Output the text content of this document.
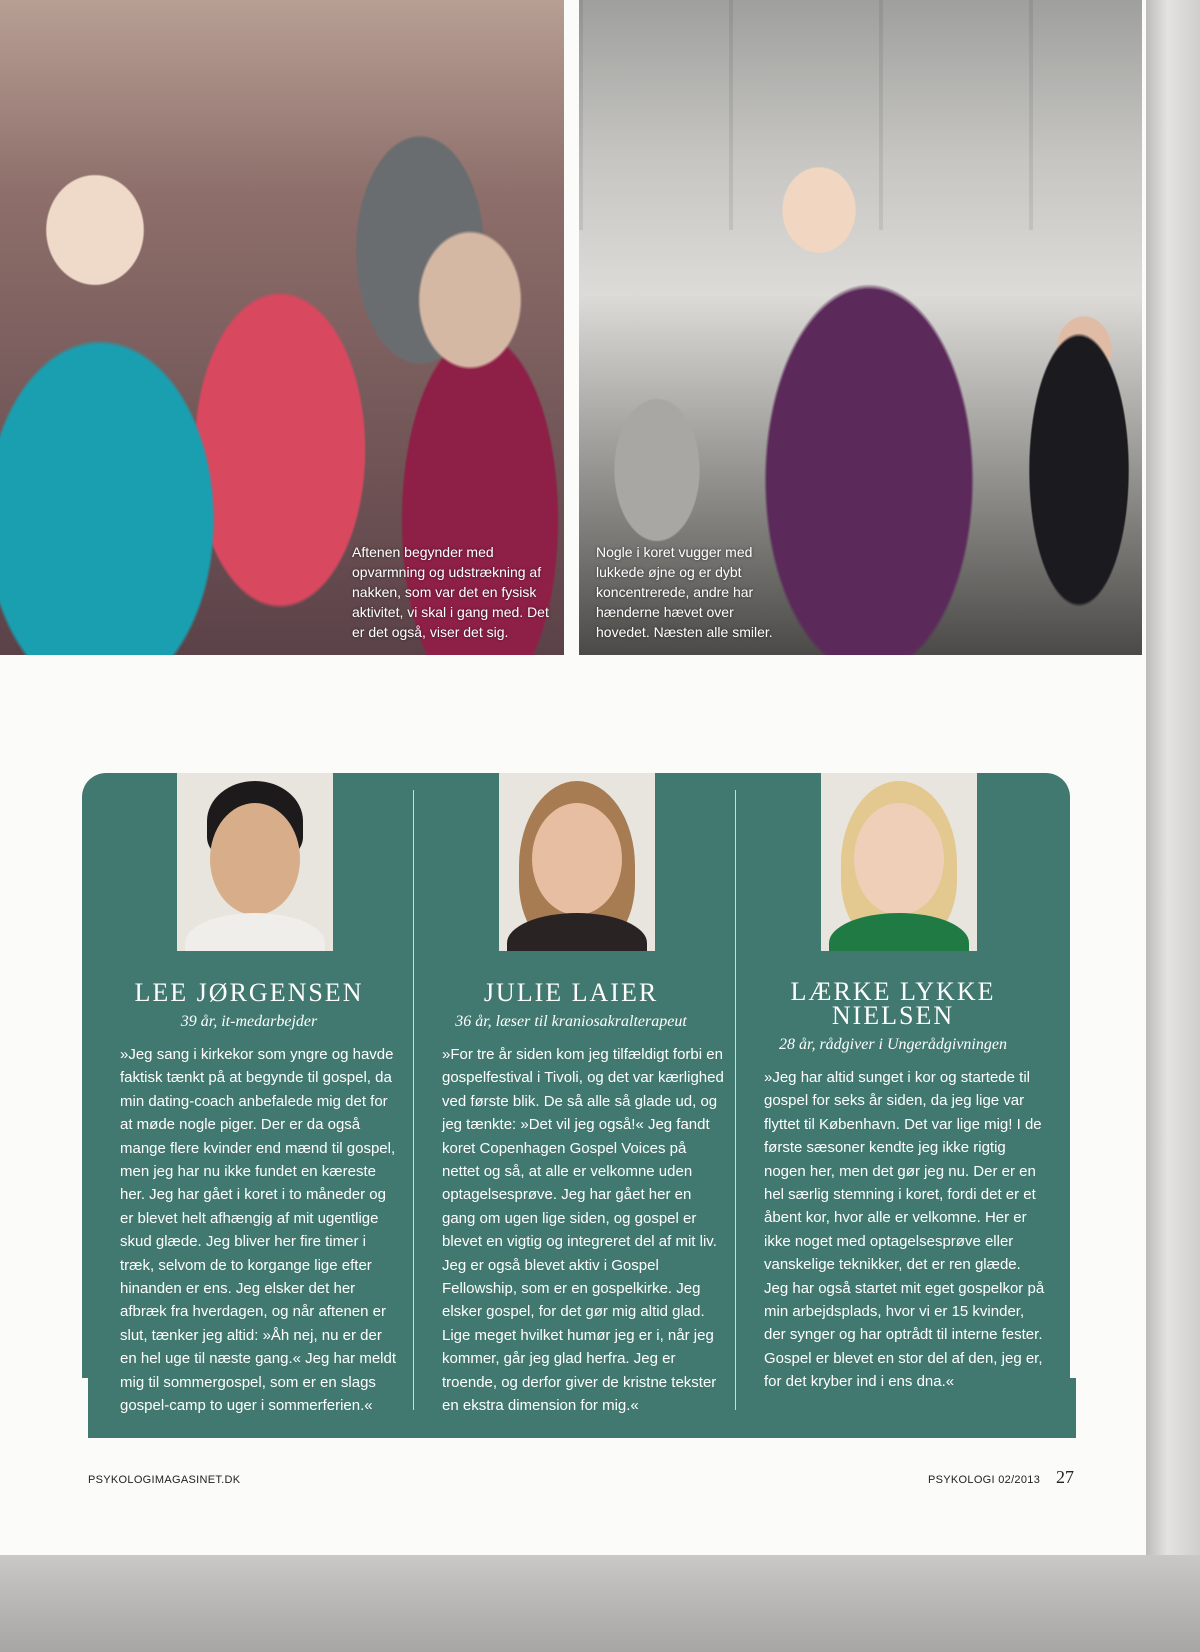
Aftenen begynder med opvarmning og udstrækning af nakken, som var det en fysisk aktivitet, vi skal i gang med. Det er det også, viser det sig.
Nogle i koret vugger med lukkede øjne og er dybt koncentrerede, andre har hænderne hævet over hovedet. Næsten alle smiler.
LEE JØRGENSEN
39 år, it-medarbejder

»Jeg sang i kirkekor som yngre og havde faktisk tænkt på at begynde til gospel, da min dating-coach anbefalede mig det for at møde nogle piger. Der er da også mange flere kvinder end mænd til gospel, men jeg har nu ikke fundet en kæreste her. Jeg har gået i koret i to måneder og er blevet helt afhængig af mit ugentlige skud glæde. Jeg bliver her fire timer i træk, selvom de to korgange lige efter hinanden er ens. Jeg elsker det her afbræk fra hverdagen, og når aftenen er slut, tænker jeg altid: »Åh nej, nu er der en hel uge til næste gang.« Jeg har meldt mig til sommergospel, som er en slags gospel-camp to uger i sommerferien.«

JULIE LAIER
36 år, læser til kraniosakralterapeut

»For tre år siden kom jeg tilfældigt forbi en gospelfestival i Tivoli, og det var kærlighed ved første blik. De så alle så glade ud, og jeg tænkte: »Det vil jeg også!« Jeg fandt koret Copenhagen Gospel Voices på nettet og så, at alle er velkomne uden optagelsesprøve. Jeg har gået her en gang om ugen lige siden, og gospel er blevet en vigtig og integreret del af mit liv. Jeg er også blevet aktiv i Gospel Fellowship, som er en gospelkirke. Jeg elsker gospel, for det gør mig altid glad. Lige meget hvilket humør jeg er i, når jeg kommer, går jeg glad herfra. Jeg er troende, og derfor giver de kristne tekster en ekstra dimension for mig.«

LÆRKE LYKKE NIELSEN
28 år, rådgiver i Ungerådgivningen

»Jeg har altid sunget i kor og startede til gospel for seks år siden, da jeg lige var flyttet til København. Det var lige mig! I de første sæsoner kendte jeg ikke rigtig nogen her, men det gør jeg nu. Der er en hel særlig stemning i koret, fordi det er et åbent kor, hvor alle er velkomne. Her er ikke noget med optagelsesprøve eller vanskelige teknikker, det er ren glæde. Jeg har også startet mit eget gospelkor på min arbejdsplads, hvor vi er 15 kvinder, der synger og har optrådt til interne fester. Gospel er blevet en stor del af den, jeg er, for det kryber ind i ens dna.«

PSYKOLOGIMAGASINET.DK	PSYKOLOGI 02/2013 27
